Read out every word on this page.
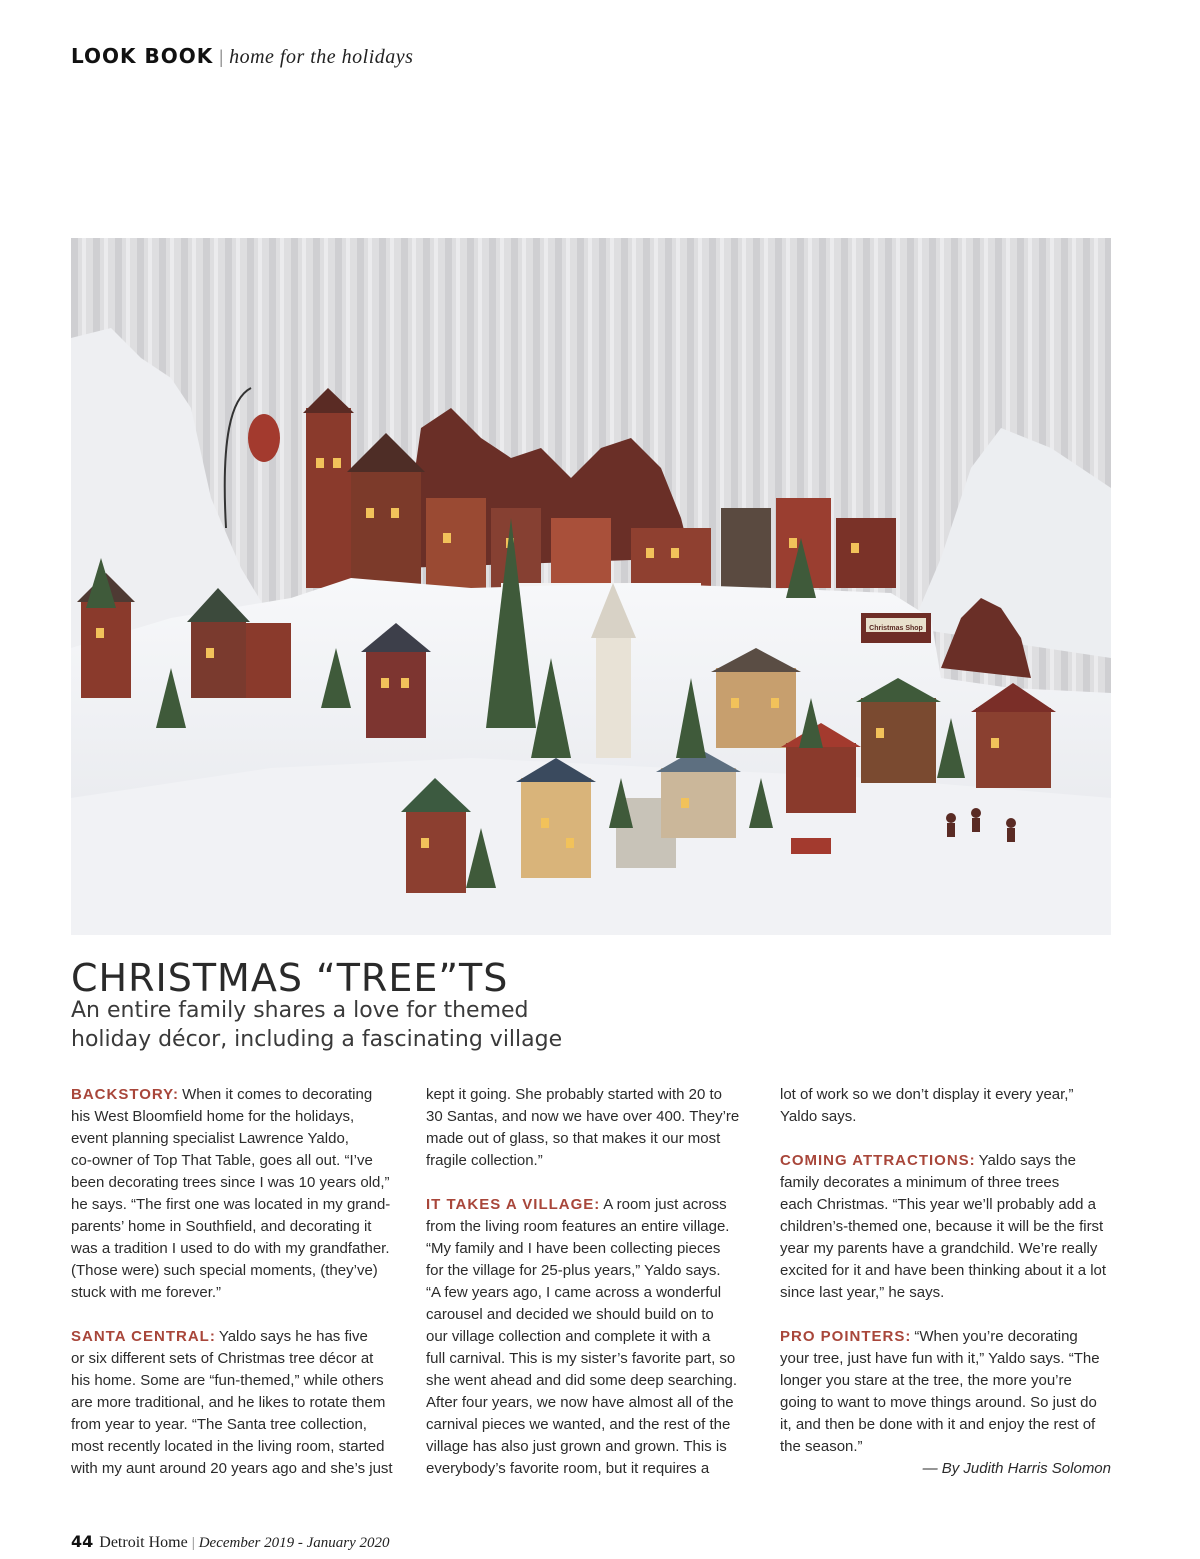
LOOK BOOK | home for the holidays
Christmas Shop
CHRISTMAS “TREE”TS
An entire family shares a love for themed
holiday décor, including a fascinating village
BACKSTORY: When it comes to decorating
his West Bloomfield home for the holidays,
event planning specialist Lawrence Yaldo,
co-owner of Top That Table, goes all out. “I’ve
been decorating trees since I was 10 years old,”
he says. “The first one was located in my grand-
parents’ home in Southfield, and decorating it
was a tradition I used to do with my grandfather.
(Those were) such special moments, (they’ve)
stuck with me forever.”
SANTA CENTRAL: Yaldo says he has five
or six different sets of Christmas tree décor at
his home. Some are “fun-themed,” while others
are more traditional, and he likes to rotate them
from year to year. “The Santa tree collection,
most recently located in the living room, started
with my aunt around 20 years ago and she’s just
kept it going. She probably started with 20 to
30 Santas, and now we have over 400. They’re
made out of glass, so that makes it our most
fragile collection.”
IT TAKES A VILLAGE: A room just across
from the living room features an entire village.
“My family and I have been collecting pieces
for the village for 25-plus years,” Yaldo says.
“A few years ago, I came across a wonderful
carousel and decided we should build on to
our village collection and complete it with a
full carnival. This is my sister’s favorite part, so
she went ahead and did some deep searching.
After four years, we now have almost all of the
carnival pieces we wanted, and the rest of the
village has also just grown and grown. This is
everybody’s favorite room, but it requires a
lot of work so we don’t display it every year,”
Yaldo says.
COMING ATTRACTIONS: Yaldo says the
family decorates a minimum of three trees
each Christmas. “This year we’ll probably add a
children’s-themed one, because it will be the first
year my parents have a grandchild. We’re really
excited for it and have been thinking about it a lot
since last year,” he says.
PRO POINTERS: “When you’re decorating
your tree, just have fun with it,” Yaldo says. “The
longer you stare at the tree, the more you’re
going to want to move things around. So just do
it, and then be done with it and enjoy the rest of
the season.”
— By Judith Harris Solomon
44 Detroit Home | December 2019 - January 2020
